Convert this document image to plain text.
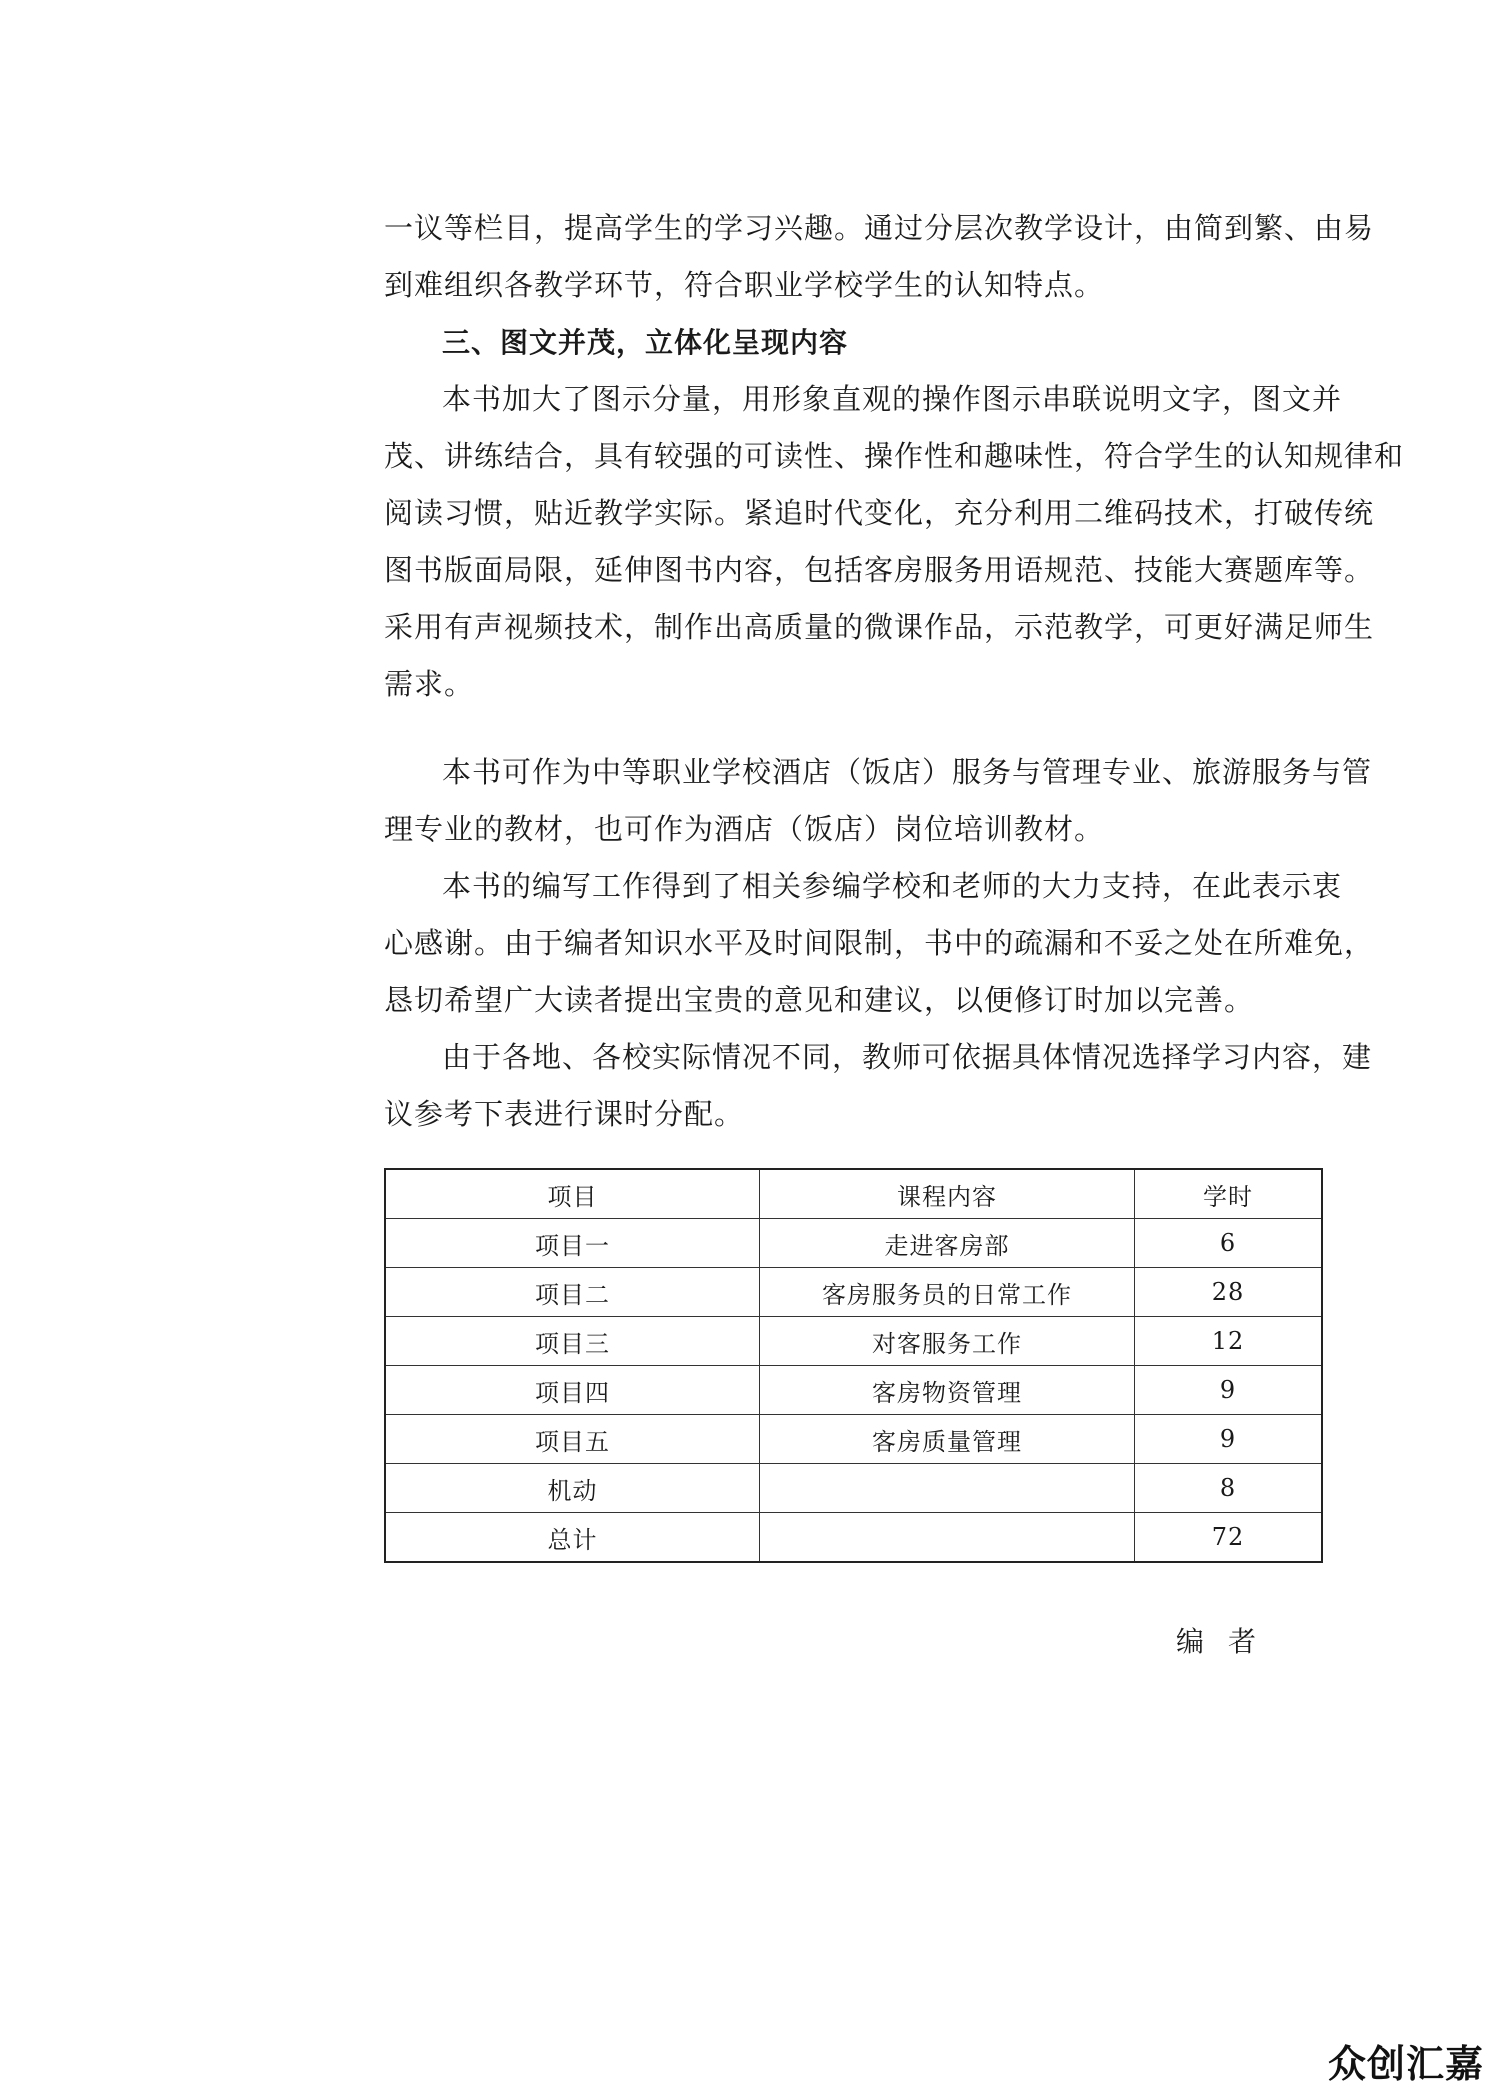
一议等栏目，提高学生的学习兴趣。通过分层次教学设计，由简到繁、由易
到难组织各教学环节，符合职业学校学生的认知特点。
三、图文并茂，立体化呈现内容
本书加大了图示分量，用形象直观的操作图示串联说明文字，图文并
茂、讲练结合，具有较强的可读性、操作性和趣味性，符合学生的认知规律和
阅读习惯，贴近教学实际。紧追时代变化，充分利用二维码技术，打破传统
图书版面局限，延伸图书内容，包括客房服务用语规范、技能大赛题库等。
采用有声视频技术，制作出高质量的微课作品，示范教学，可更好满足师生
需求。
本书可作为中等职业学校酒店（饭店）服务与管理专业、旅游服务与管
理专业的教材，也可作为酒店（饭店）岗位培训教材。
本书的编写工作得到了相关参编学校和老师的大力支持，在此表示衷
心感谢。由于编者知识水平及时间限制，书中的疏漏和不妥之处在所难免，
恳切希望广大读者提出宝贵的意见和建议，以便修订时加以完善。
由于各地、各校实际情况不同，教师可依据具体情况选择学习内容，建
议参考下表进行课时分配。
项目	课程内容	学时
项目一	走进客房部	6
项目二	客房服务员的日常工作	28
项目三	对客服务工作	12
项目四	客房物资管理	9
项目五	客房质量管理	9
机动		8
总计		72
编者
众创汇嘉
